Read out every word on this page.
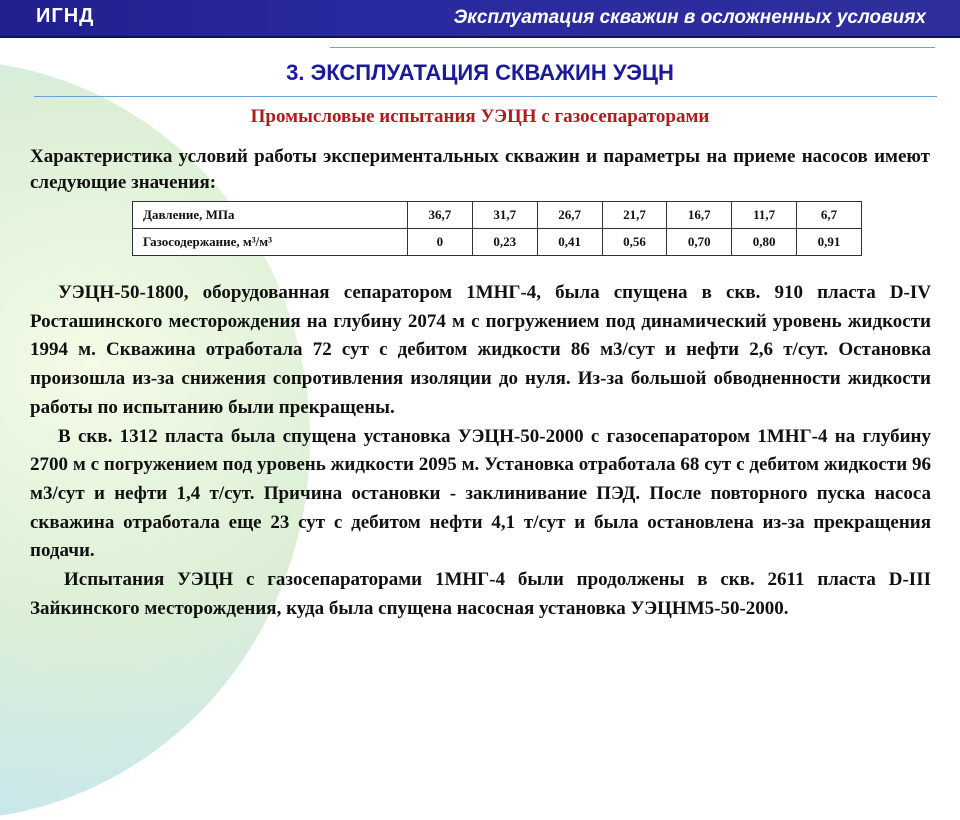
ИГНД	Эксплуатация скважин в осложненных условиях
3. ЭКСПЛУАТАЦИЯ СКВАЖИН УЭЦН
Промысловые испытания УЭЦН с газосепараторами
Характеристика условий работы экспериментальных скважин и параметры на приеме насосов имеют следующие значения:
Давление, МПа	36,7	31,7	26,7	21,7	16,7	11,7	6,7
Газосодержание, м³/м³	0	0,23	0,41	0,56	0,70	0,80	0,91

УЭЦН-50-1800, оборудованная сепаратором 1МНГ-4, была спущена в скв. 910 пласта D-IV Росташинского месторождения на глубину 2074 м с погружением под динамический уровень жидкости 1994 м. Скважина отработала 72 сут с дебитом жидкости 86 м3/сут и нефти 2,6 т/сут. Остановка произошла из-за снижения сопротивления изоляции до нуля. Из-за большой обводненности жидкости работы по испытанию были прекращены.

В скв. 1312 пласта была спущена установка УЭЦН-50-2000 с газосепаратором 1МНГ-4 на глубину 2700 м с погружением под уровень жидкости 2095 м. Установка отработала 68 сут с дебитом жидкости 96 м3/сут и нефти 1,4 т/сут. Причина остановки - заклинивание ПЭД. После повторного пуска насоса скважина отработала еще 23 сут с дебитом нефти 4,1 т/сут и была остановлена из-за прекращения подачи.

Испытания УЭЦН с газосепараторами 1МНГ-4 были продолжены в скв. 2611 пласта D-III Зайкинского месторождения, куда была спущена насосная установка УЭЦНМ5-50-2000.
